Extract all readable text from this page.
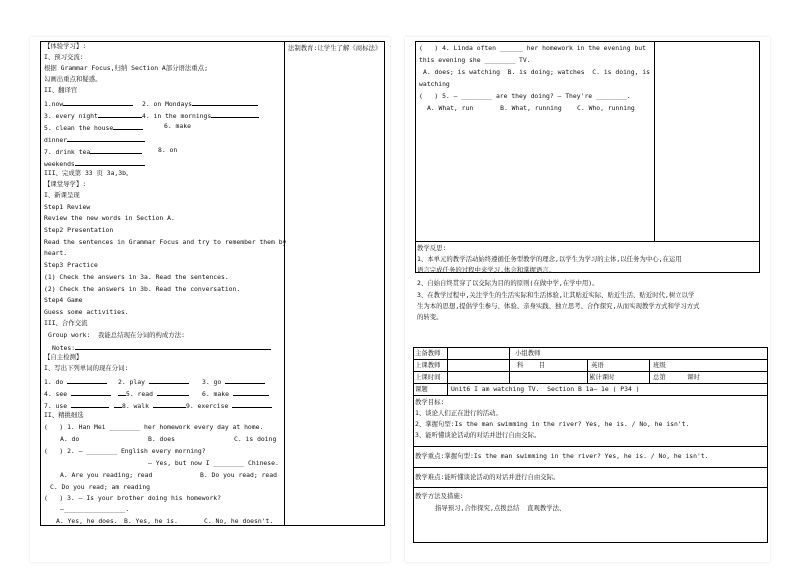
【体验学习】:
I、预习交流:
根据 Grammar Focus,归纳 Section A部分语法重点;
勾画出重点和疑惑。
II、翻译官
1.now	2. on Mondays
3. every night	4. in the mornings
5. clean the house	6. make
dinner
7. drink tea	8. on
weekends
III、完成第 33 页 3a,3b。
【课堂导学】:
I、新课呈现
Step1 Review
Review the new words in Section A.
Step2 Presentation
Read the sentences in Grammar Focus and try to remember them by
heart.
Step3 Practice
(1) Check the answers in 3a. Read the sentences.
(2) Check the answers in 3b. Read the conversation.
Step4 Game
Guess some activities.
III、合作交流
Group work:  我能总结现在分词的构成方法:
Notes:
【自主检测】
I、写出下列单词的现在分词:
1. do	2. play	3. go
4. see	5. read	6. make
7. use	8. walk	9. exercise
II、精挑细选
(   ) 1. Han Mei ________ her homework every day at home.
A. do	B. does	C. is doing
(   ) 2. — ________ English every morning?
— Yes, but now I ________ Chinese.
A. Are you reading; read	B. Do you read; read
C. Do you read; am reading
(   ) 3. — Is your brother doing his homework?
—________________.
A. Yes, he does. B. Yes, he is.	C. No, he doesn't.
法制教育:让学生了解《商标法》	(   ) 4. Linda often ______ her homework in the evening but
this evening she ________ TV.
A. does; is watching  B. is doing; watches  C. is doing, is
watching
(   ) 5. — ________ are they doing? — They're ________.
A. What, run       B. What, running    C. Who, running
教学反思:
1、本单元的教学活动始终遵循任务型教学的理念,以学生为学习的主体,以任务为中心,在运用
语言完成任务的过程中来学习,体会和掌握语言。
2、自始自终贯穿了以交际为目的的原则(在做中学,在学中用)。
3、在教学过程中,关注学生的生活实际和生活体验,让其贴近实际、贴近生活、贴近时代,树立以学
生为本的思想,提倡学生参与、体验、亲身实践、独立思考、合作探究,从而实现教学方式和学习方式
的转变。
主备教师	小组教师
上课教师	科    目	英语	班级
上课时间	累计课时	总第	课时
课题	Unit6 I am watching TV.  Section B 1a— 1e ( P34 )
教学目标:
1、谈论人们正在进行的活动。
2、掌握句型:Is the man swimming in the river? Yes, he is. / No, he isn't.
3、能听懂谈论活动的对话并进行自由交际。
教学重点:掌握句型:Is the man swimming in the river? Yes, he is. / No, he isn't.
教学难点:能听懂谈论活动的对话并进行自由交际。
教学方法及措施:
指导预习,合作探究,点拨总结  直观教学法、
